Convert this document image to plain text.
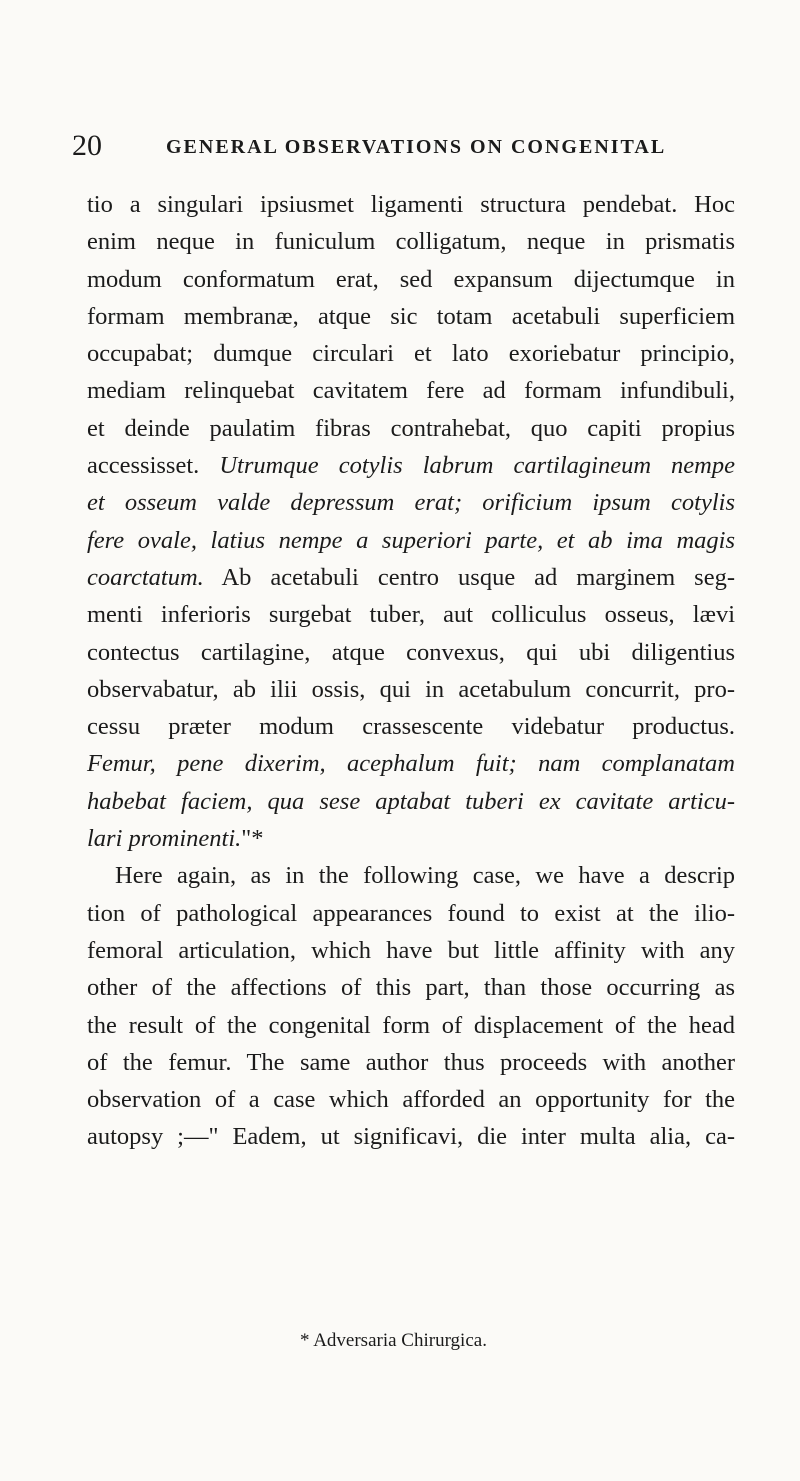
20	GENERAL OBSERVATIONS ON CONGENITAL
tio a singulari ipsiusmet ligamenti structura pendebat. Hoc
enim neque in funiculum colligatum, neque in prismatis
modum conformatum erat, sed expansum dijectumque in
formam membranæ, atque sic totam acetabuli superficiem
occupabat; dumque circulari et lato exoriebatur principio,
mediam relinquebat cavitatem fere ad formam infundibuli,
et deinde paulatim fibras contrahebat, quo capiti propius
accessisset. Utrumque cotylis labrum cartilagineum nempe
et osseum valde depressum erat; orificium ipsum cotylis
fere ovale, latius nempe a superiori parte, et ab ima magis
coarctatum. Ab acetabuli centro usque ad marginem seg-
menti inferioris surgebat tuber, aut colliculus osseus, lævi
contectus cartilagine, atque convexus, qui ubi diligentius
observabatur, ab ilii ossis, qui in acetabulum concurrit, pro-
cessu præter modum crassescente videbatur productus.
Femur, pene dixerim, acephalum fuit; nam complanatam
habebat faciem, qua sese aptabat tuberi ex cavitate articu-
lari prominenti."*
Here again, as in the following case, we have a descrip
tion of pathological appearances found to exist at the ilio-
femoral articulation, which have but little affinity with any
other of the affections of this part, than those occurring as
the result of the congenital form of displacement of the head
of the femur. The same author thus proceeds with another
observation of a case which afforded an opportunity for the
autopsy ;—" Eadem, ut significavi, die inter multa alia, ca-
* Adversaria Chirurgica.
